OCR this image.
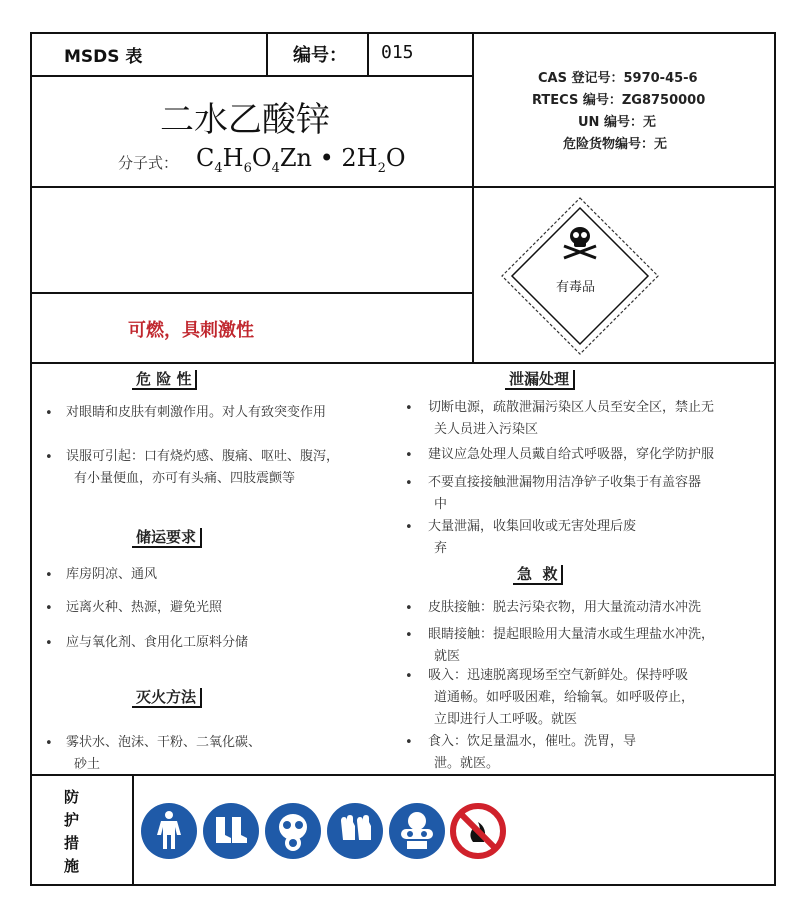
MSDS 表	编号： 015
二水乙酸锌
分子式： $C_4H_6O_4Zn$ • $2H_2O$
CAS 登记号：5970-45-6
RTECS 编号：ZG8750000
UN 编号：无
危险货物编号：无
有毒品
可燃，具刺激性
危 险 性
• 对眼睛和皮肤有刺激作用。对人有致突变作用
• 误服可引起：口有烧灼感、腹痛、呕吐、腹泻，
有小量便血，亦可有头痛、四肢震颤等
储运要求
• 库房阴凉、通风
• 远离火种、热源，避免光照
• 应与氧化剂、食用化工原料分储
灭火方法
• 雾状水、泡沫、干粉、二氧化碳、
砂土
泄漏处理
• 切断电源，疏散泄漏污染区人员至安全区，禁止无
关人员进入污染区
• 建议应急处理人员戴自给式呼吸器，穿化学防护服
• 不要直接接触泄漏物用洁净铲子收集于有盖容器
中
• 大量泄漏，收集回收或无害处理后废
弃
急  救
• 皮肤接触：脱去污染衣物，用大量流动清水冲洗
• 眼睛接触：提起眼睑用大量清水或生理盐水冲洗，
就医
• 吸入：迅速脱离现场至空气新鲜处。保持呼吸
道通畅。如呼吸困难，给输氧。如呼吸停止，
立即进行人工呼吸。就医
• 食入：饮足量温水，催吐。洗胃，导
泄。就医。
防
护
措
施
